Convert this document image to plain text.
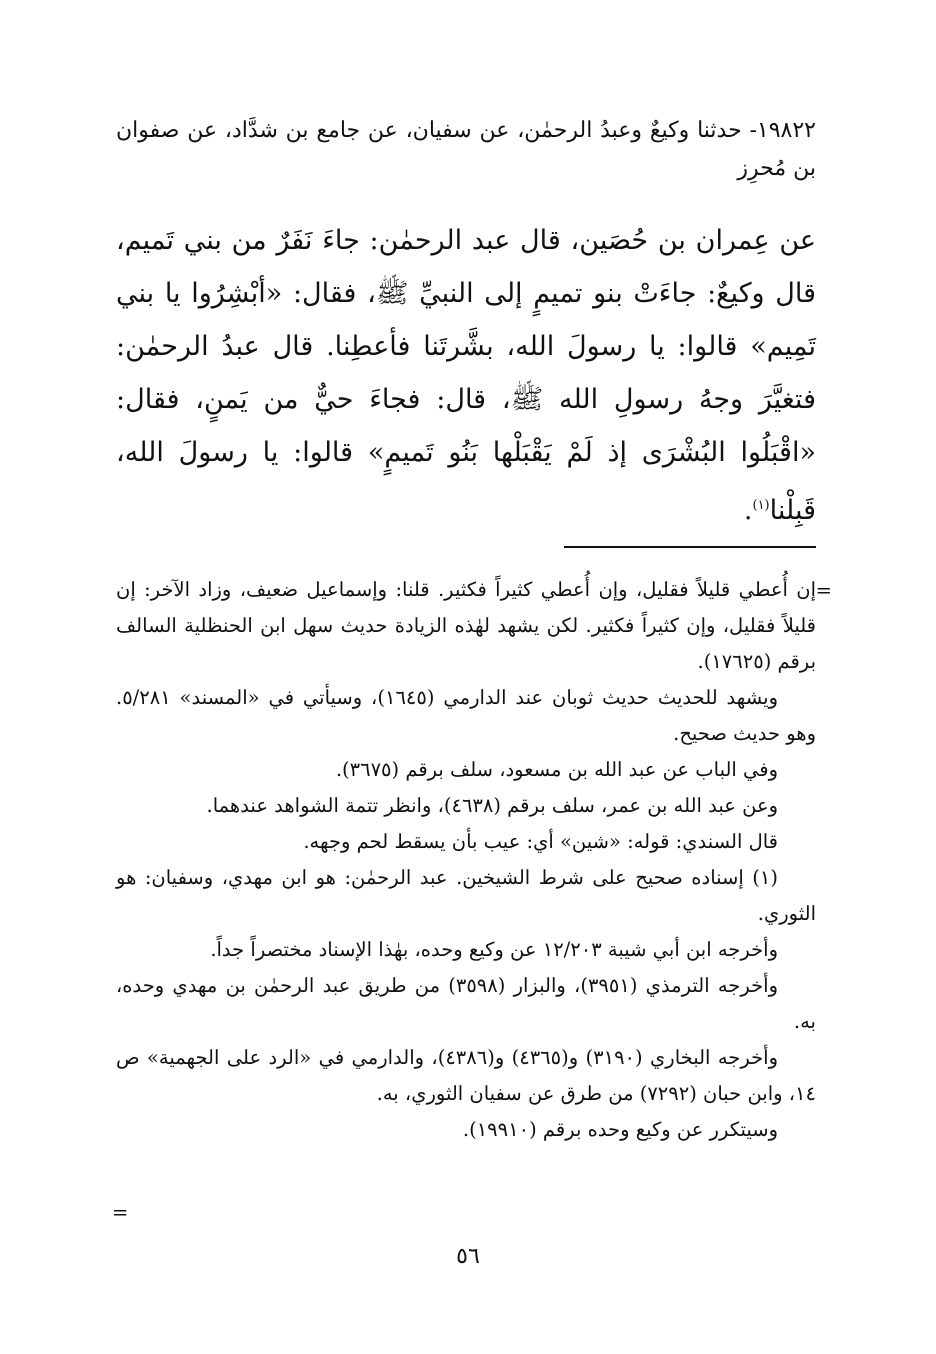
١٩٨٢٢- حدثنا وكيعٌ وعبدُ الرحمٰن، عن سفيان، عن جامع بن شدَّاد، عن صفوان بن مُحرِز

عن عِمران بن حُصَين، قال عبد الرحمٰن: جاءَ نَفَرٌ من بني تَميم، قال وكيعٌ: جاءَتْ بنو تميمٍ إلى النبيِّ ﷺ، فقال: «أبْشِرُوا يا بني تَمِيم» قالوا: يا رسولَ الله، بشَّرتَنا فأعطِنا. قال عبدُ الرحمٰن: فتغيَّرَ وجهُ رسولِ الله ﷺ، قال: فجاءَ حيٌّ من يَمنٍ، فقال: «اقْبَلُوا البُشْرَى إذ لَمْ يَقْبَلْها بَنُو تَميمٍ» قالوا: يا رسولَ الله، قَبِلْنا$^{(١)}$.

=

إن أُعطي قليلاً فقليل، وإن أُعطي كثيراً فكثير. قلنا: وإسماعيل ضعيف، وزاد الآخر: إن قليلاً فقليل، وإن كثيراً فكثير. لكن يشهد لهٰذه الزيادة حديث سهل ابن الحنظلية السالف برقم (١٧٦٢٥).

ويشهد للحديث حديث ثوبان عند الدارمي (١٦٤٥)، وسيأتي في «المسند» ٥/٢٨١. وهو حديث صحيح.

وفي الباب عن عبد الله بن مسعود، سلف برقم (٣٦٧٥).

وعن عبد الله بن عمر، سلف برقم (٤٦٣٨)، وانظر تتمة الشواهد عندهما.

قال السندي: قوله: «شين» أي: عيب بأن يسقط لحم وجهه.

(١) إسناده صحيح على شرط الشيخين. عبد الرحمٰن: هو ابن مهدي، وسفيان: هو الثوري.

وأخرجه ابن أبي شيبة ١٢/٢٠٣ عن وكيع وحده، بهٰذا الإسناد مختصراً جداً.

وأخرجه الترمذي (٣٩٥١)، والبزار (٣٥٩٨) من طريق عبد الرحمٰن بن مهدي وحده، به.

وأخرجه البخاري (٣١٩٠) و(٤٣٦٥) و(٤٣٨٦)، والدارمي في «الرد على الجهمية» ص ١٤، وابن حبان (٧٢٩٢) من طرق عن سفيان الثوري، به.

وسيتكرر عن وكيع وحده برقم (١٩٩١٠).

=
٥٦
